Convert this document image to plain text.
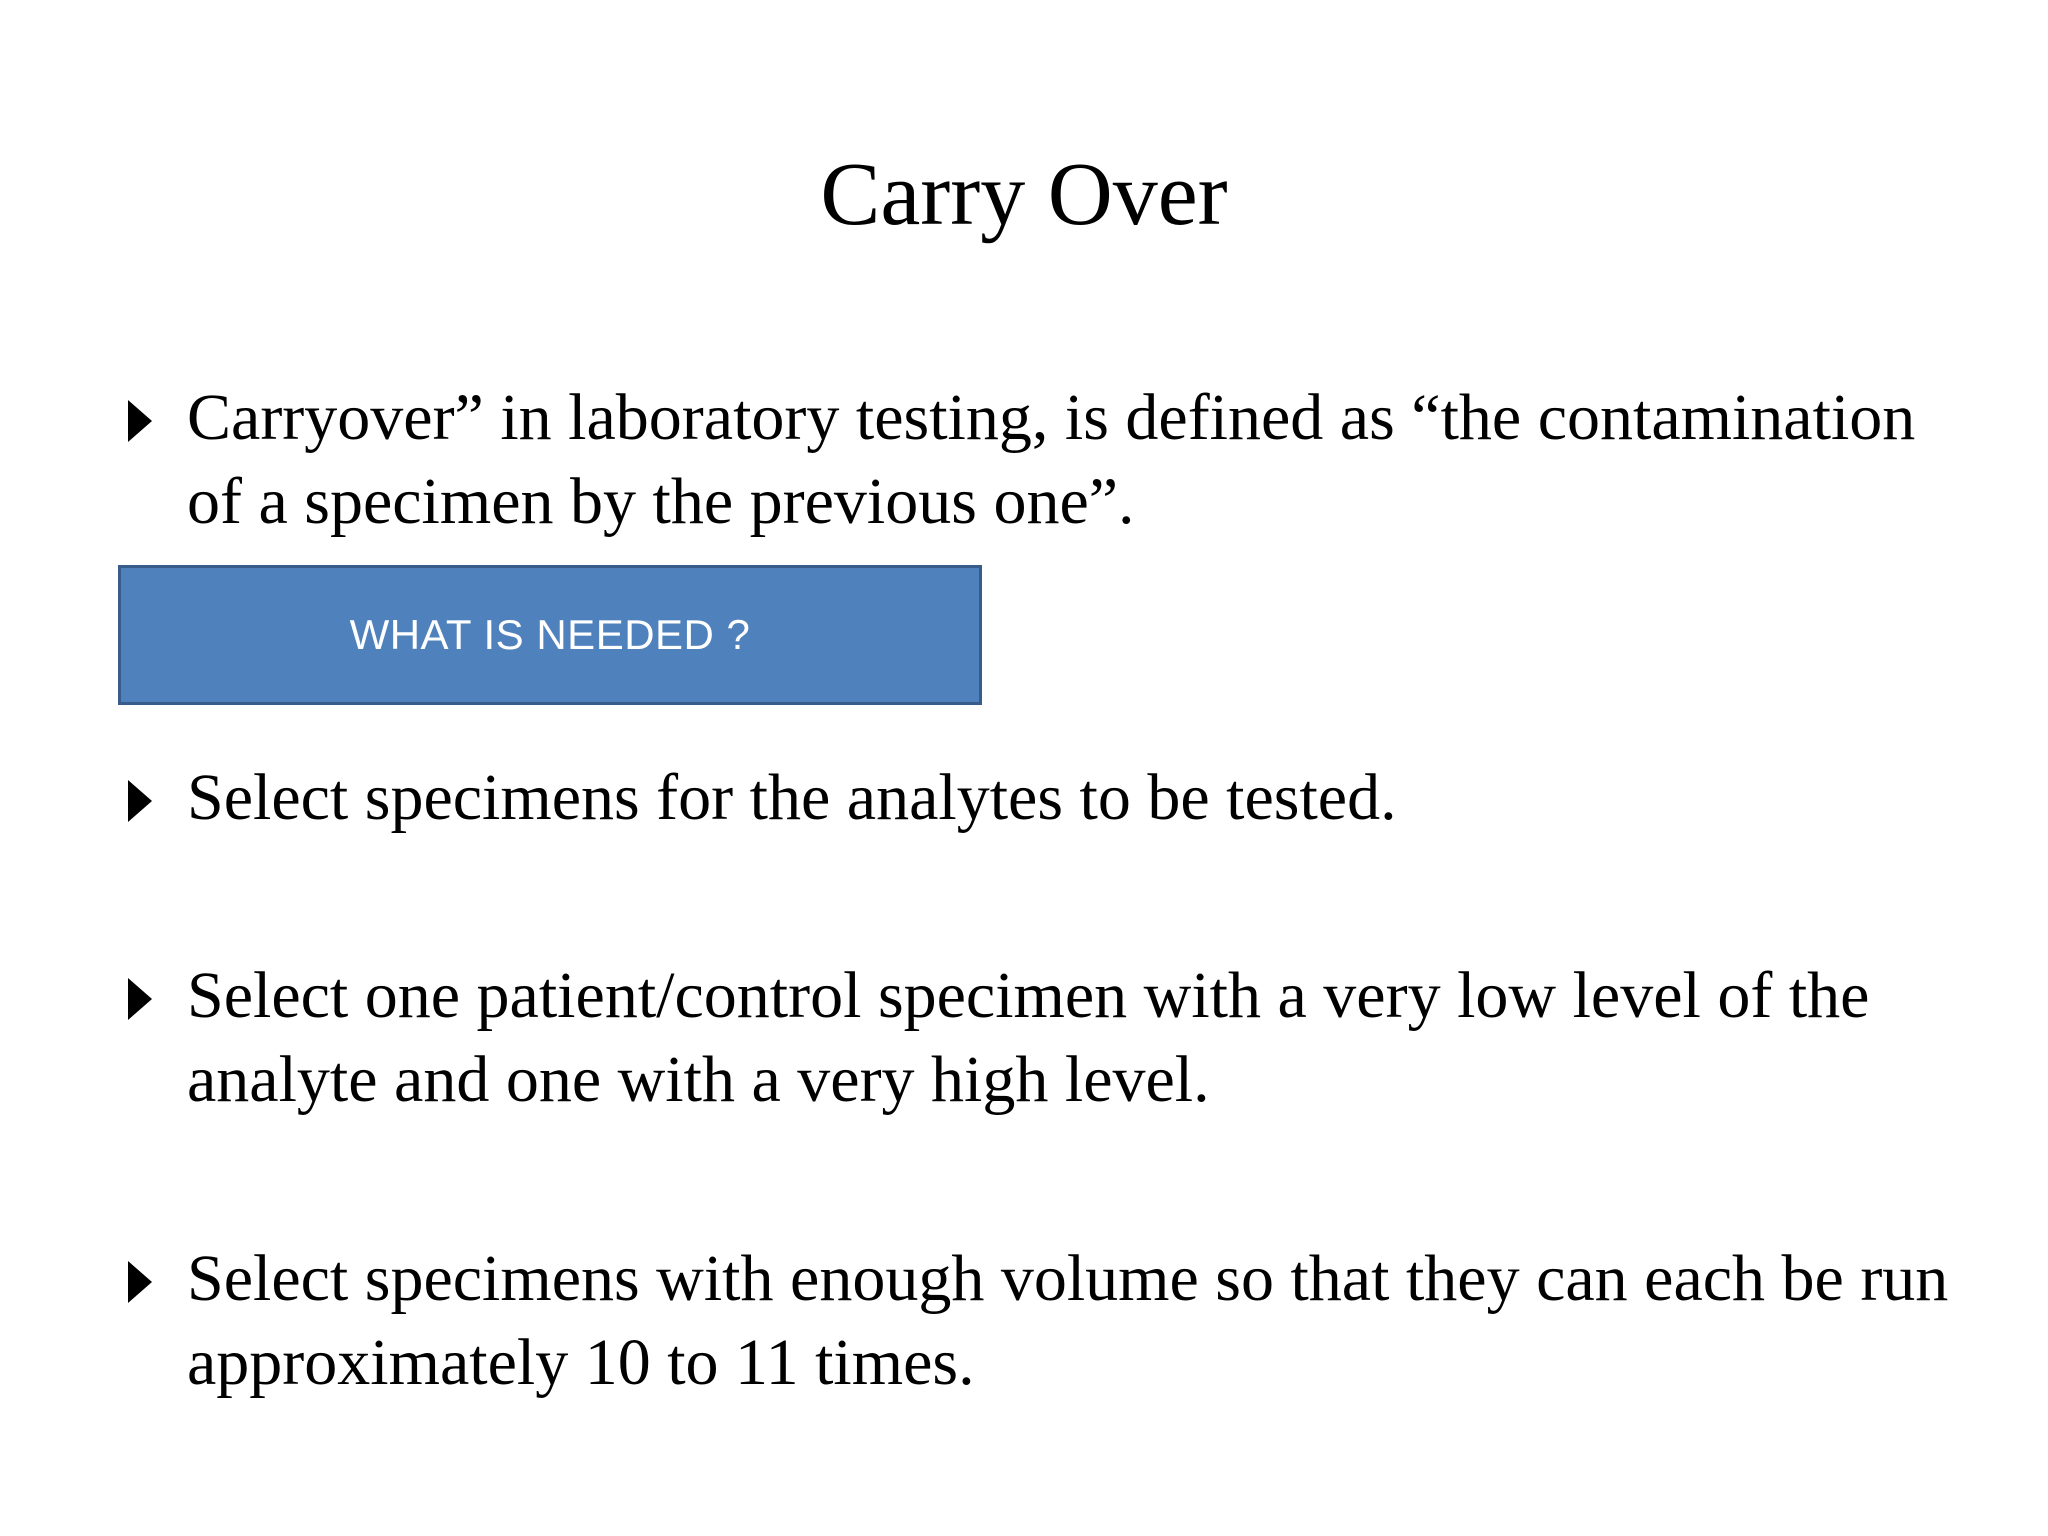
Carry Over
Carryover” in laboratory testing, is defined as “the contamination of a specimen by the previous one”.
WHAT IS NEEDED ?
Select specimens for the analytes to be tested.
Select one patient/control specimen with a very low level of the analyte and one with a very high level.
Select specimens with enough volume so that they can each be run approximately 10 to 11 times.
